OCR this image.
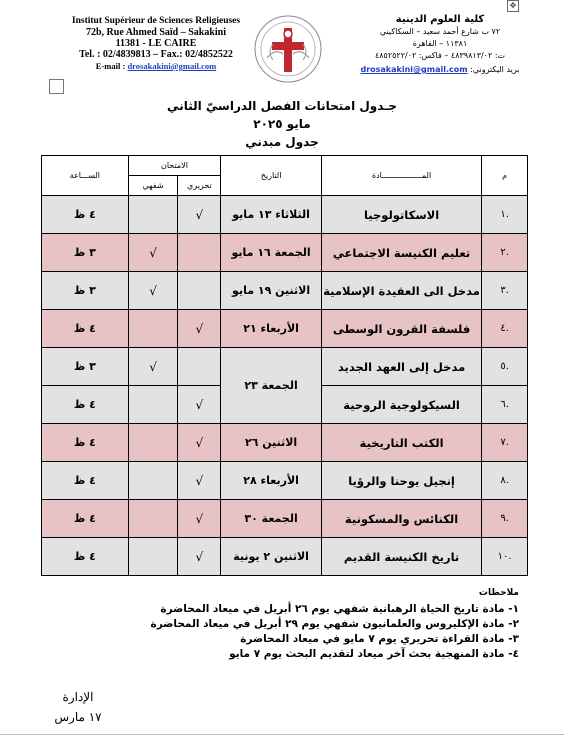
✥
Institut Supérieur de Sciences Religieuses
72b, Rue Ahmed Saïd – Sakakini
11381 - LE CAIRE
Tel. : 02/4839813 – Fax.: 02/4852522
E-mail : drosakakini@gmail.com
كلية العلوم الدينية
٧٢ ب شارع أحمد سعيد – السكاكيني
١١٣٨١ – القاهرة
ت: ٤٨٣٩٨١٣/٠٢ – فاكس: ٤٨٥٢٥٢٢/٠٢
بريد اليكتروني: drosakakini@gmail.com
جـدول امتحانات الفصل الدراسيّ الثاني
مايو ٢٠٢٥
جدول مبدني
م	المـــــــــــــــــادة	التاريخ	الامتحان		الســـاعة
			تحريري	شفهي	
.١	الاسكاتولوجيا	الثلاثاء ١٣ مايو	√		٤ ظ
.٢	تعليم الكنيسة الاجتماعي	الجمعة ١٦ مايو		√	٣ ظ
.٣	مدخل الى العقيدة الإسلامية	الاثنين ١٩ مايو		√	٣ ظ
.٤	فلسفة القرون الوسطى	الأربعاء ٢١	√		٤ ظ
.٥	مدخل إلى العهد الجديد	الجمعة ٢٣		√	٣ ظ
.٦	السيكولوجية الروحية		√		٤ ظ
.٧	الكتب التاريخية	الاثنين ٢٦	√		٤ ظ
.٨	إنجيل يوحنا والرؤيا	الأربعاء ٢٨	√		٤ ظ
.٩	الكنائس والمسكونية	الجمعة ٣٠	√		٤ ظ
.١٠	تاريخ الكنيسة القديم	الاثنين ٢ يونية	√		٤ ظ
ملاحظات
١- مادة تاريخ الحياة الرهبانية شفهي يوم ٢٦ أبريل في ميعاد المحاضرة
٢- مادة الإكليروس والعلمانيون شفهي يوم ٢٩ أبريل في ميعاد المحاضرة
٣- مادة القراءة تحريري يوم ٧ مايو في ميعاد المحاضرة
٤- مادة المنهجية بحث آخر ميعاد لتقديم البحث يوم ٧ مايو
الإدارة
١٧ مارس
